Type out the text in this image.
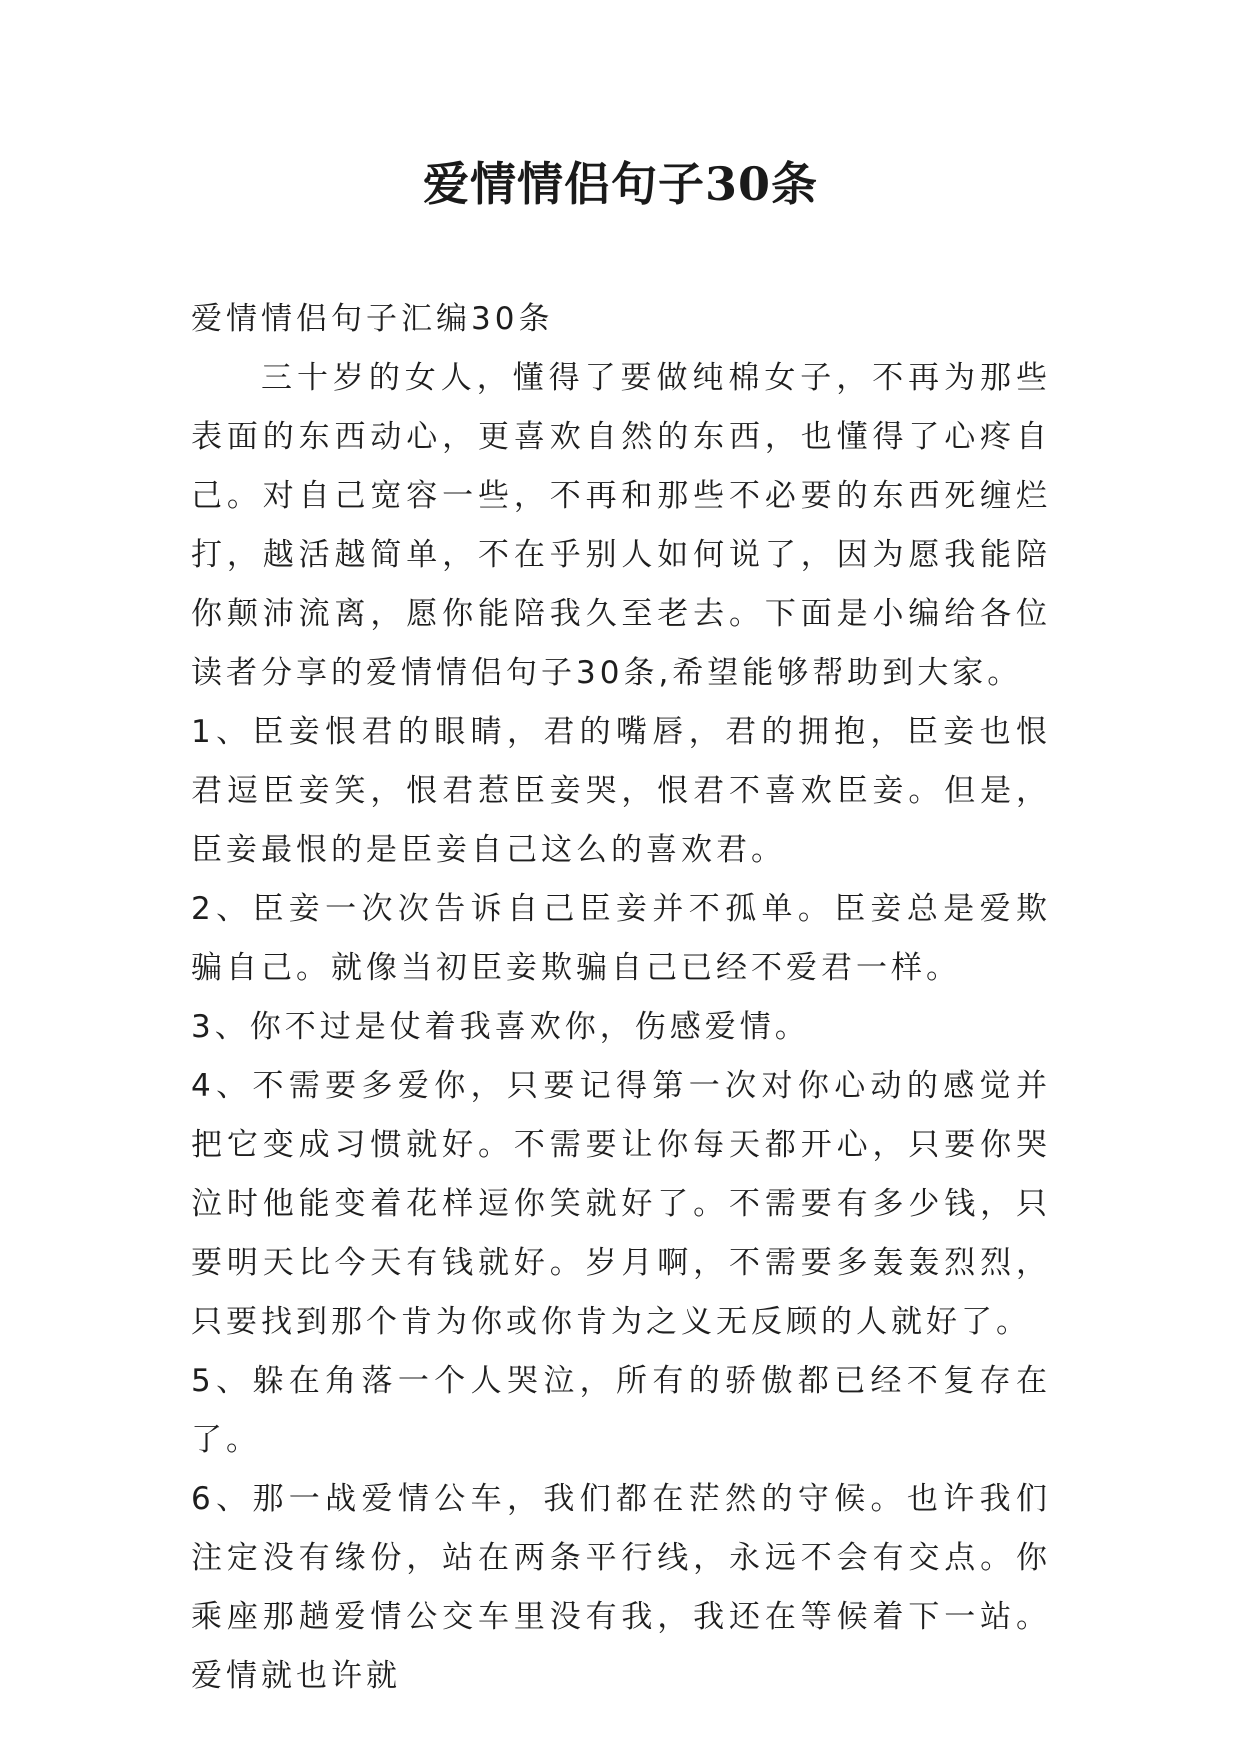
爱情情侣句子30条

爱情情侣句子汇编30条

三十岁的女人，懂得了要做纯棉女子，不再为那些表面的东西动心，更喜欢自然的东西，也懂得了心疼自己。对自己宽容一些，不再和那些不必要的东西死缠烂打，越活越简单，不在乎别人如何说了，因为愿我能陪你颠沛流离，愿你能陪我久至老去。下面是小编给各位读者分享的爱情情侣句子30条,希望能够帮助到大家。

1、臣妾恨君的眼睛，君的嘴唇，君的拥抱，臣妾也恨君逗臣妾笑，恨君惹臣妾哭，恨君不喜欢臣妾。但是，臣妾最恨的是臣妾自己这么的喜欢君。

2、臣妾一次次告诉自己臣妾并不孤单。臣妾总是爱欺骗自己。就像当初臣妾欺骗自己已经不爱君一样。

3、你不过是仗着我喜欢你，伤感爱情。

4、不需要多爱你，只要记得第一次对你心动的感觉并把它变成习惯就好。不需要让你每天都开心，只要你哭泣时他能变着花样逗你笑就好了。不需要有多少钱，只要明天比今天有钱就好。岁月啊，不需要多轰轰烈烈，只要找到那个肯为你或你肯为之义无反顾的人就好了。

5、躲在角落一个人哭泣，所有的骄傲都已经不复存在了。

6、那一战爱情公车，我们都在茫然的守候。也许我们注定没有缘份，站在两条平行线，永远不会有交点。你乘座那趟爱情公交车里没有我，我还在等候着下一站。爱情就也许就
